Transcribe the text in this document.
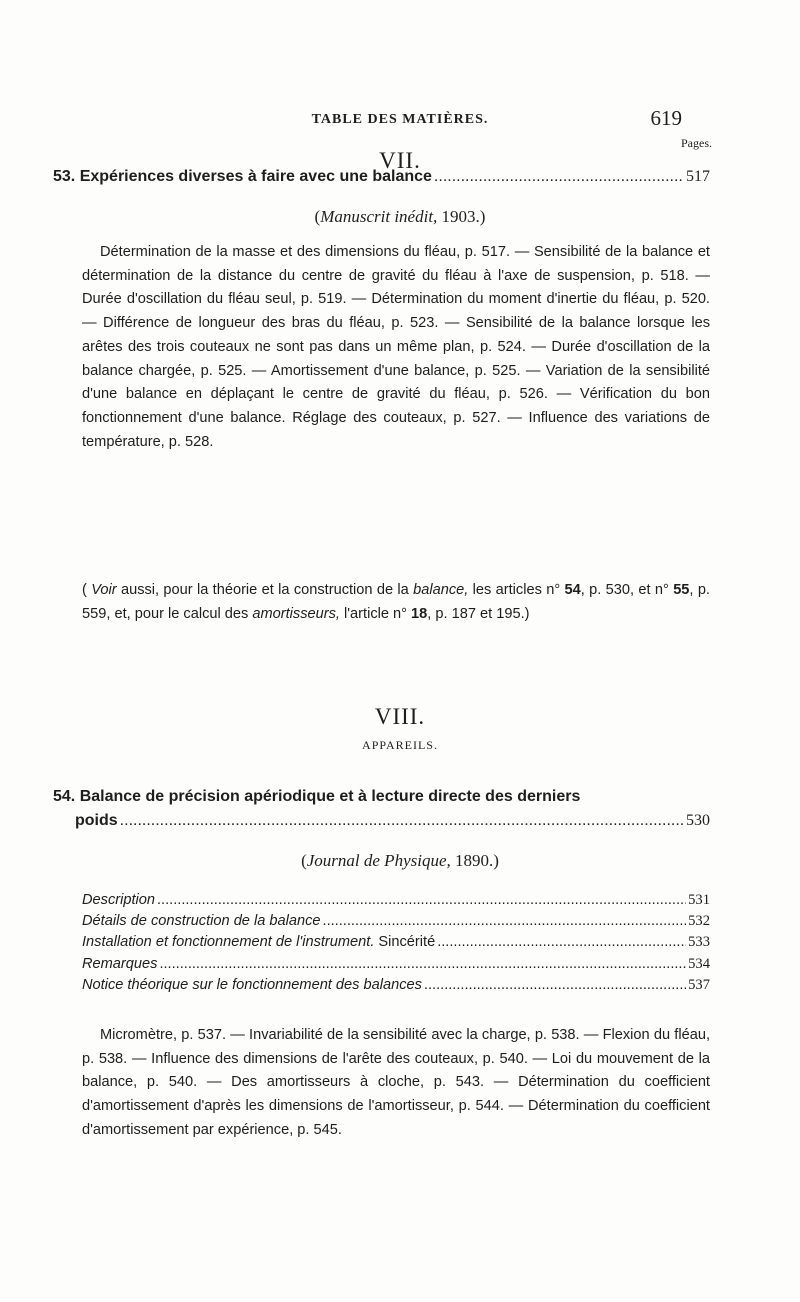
TABLE DES MATIÈRES.	619
VII.
Pages.
53.
Expériences diverses à faire avec une balance .....	517
(Manuscrit inédit, 1903.)

Détermination de la masse et des dimensions du fléau, p. 517. — Sensibilité de la balance et détermination de la distance du centre de gravité du fléau à l'axe de suspension, p. 518. — Durée d'oscillation du fléau seul, p. 519. — Détermination du moment d'inertie du fléau, p. 520. — Différence de longueur des bras du fléau, p. 523. — Sensibilité de la balance lorsque les arêtes des trois couteaux ne sont pas dans un même plan, p. 524. — Durée d'oscillation de la balance chargée, p. 525. — Amortissement d'une balance, p. 525. — Variation de la sensibilité d'une balance en déplaçant le centre de gravité du fléau, p. 526. — Vérification du bon fonctionnement d'une balance. Réglage des couteaux, p. 527. — Influence des variations de température, p. 528.

( Voir aussi, pour la théorie et la construction de la balance, les articles n° 54, p. 530, et n° 55, p. 559, et, pour le calcul des amortisseurs, l'article n° 18, p. 187 et 195.)

VIII.
APPAREILS.
54. Balance de précision apériodique et à lecture directe des derniers
poids .....	530
(Journal de Physique, 1890.)
Description .....	531
Détails de construction de la balance .....	532
Installation et fonctionnement de l'instrument. Sincérité .....	533
Remarques .....	534
Notice théorique sur le fonctionnement des balances .....	537

Micromètre, p. 537. — Invariabilité de la sensibilité avec la charge, p. 538. — Flexion du fléau, p. 538. — Influence des dimensions de l'arête des couteaux, p. 540. — Loi du mouvement de la balance, p. 540. — Des amortisseurs à cloche, p. 543. — Détermination du coefficient d'amortissement d'après les dimensions de l'amortisseur, p. 544. — Détermination du coefficient d'amortissement par expérience, p. 545.
